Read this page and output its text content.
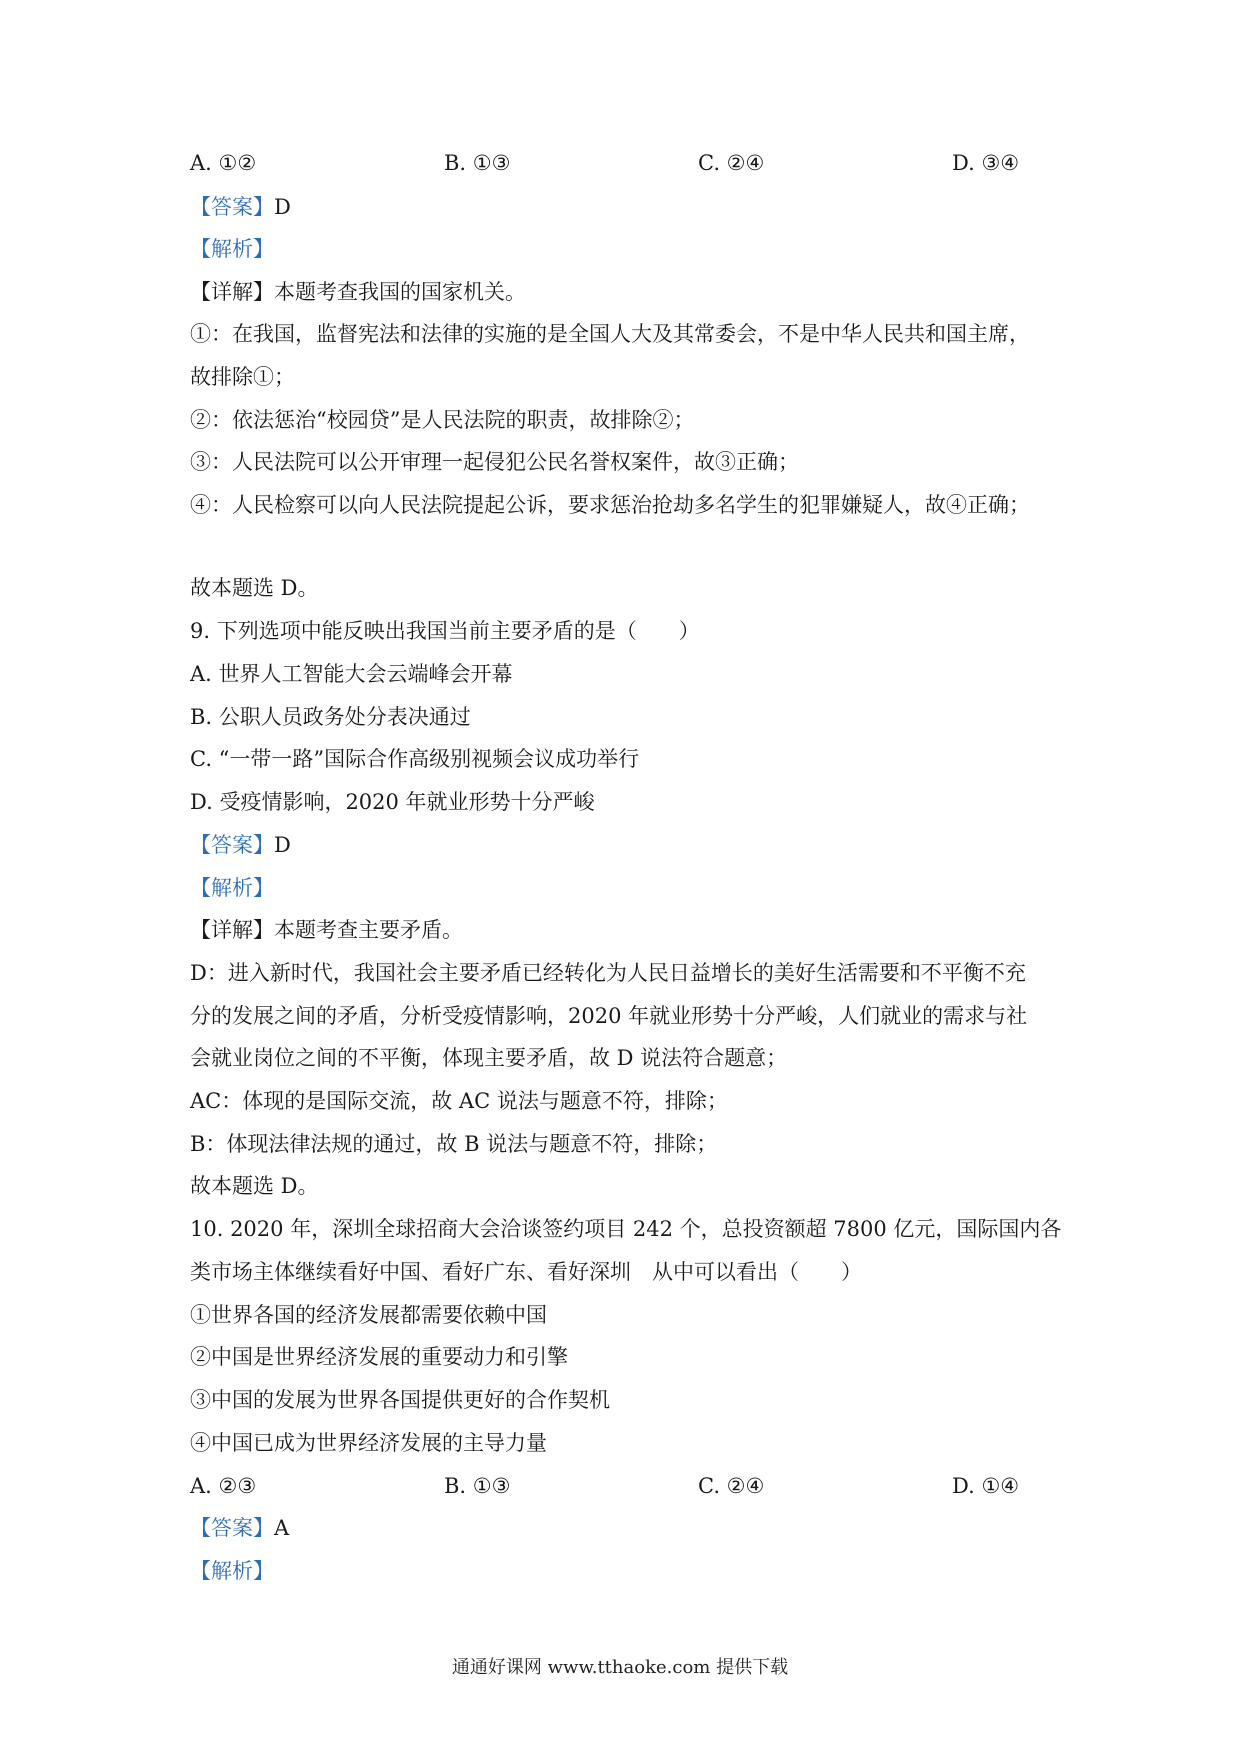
A. ①②	B. ①③	C. ②④	D. ③④
【答案】D
【解析】
【详解】本题考查我国的国家机关。
①：在我国，监督宪法和法律的实施的是全国人大及其常委会，不是中华人民共和国主席，
故排除①；
②：依法惩治“校园贷”是人民法院的职责，故排除②；
③：人民法院可以公开审理一起侵犯公民名誉权案件，故③正确；
④：人民检察可以向人民法院提起公诉，要求惩治抢劫多名学生的犯罪嫌疑人，故④正确；
故本题选 D。
9. 下列选项中能反映出我国当前主要矛盾的是（　　）
A. 世界人工智能大会云端峰会开幕
B. 公职人员政务处分表决通过
C. “一带一路”国际合作高级别视频会议成功举行
D. 受疫情影响，2020 年就业形势十分严峻
【答案】D
【解析】
【详解】本题考查主要矛盾。
D：进入新时代，我国社会主要矛盾已经转化为人民日益增长的美好生活需要和不平衡不充
分的发展之间的矛盾，分析受疫情影响，2020 年就业形势十分严峻，人们就业的需求与社
会就业岗位之间的不平衡，体现主要矛盾，故 D 说法符合题意；
AC：体现的是国际交流，故 AC 说法与题意不符，排除；
B：体现法律法规的通过，故 B 说法与题意不符，排除；
故本题选 D。
10. 2020 年，深圳全球招商大会洽谈签约项目 242 个，总投资额超 7800 亿元，国际国内各
类市场主体继续看好中国、看好广东、看好深圳　从中可以看出（　　）
①世界各国的经济发展都需要依赖中国
②中国是世界经济发展的重要动力和引擎
③中国的发展为世界各国提供更好的合作契机
④中国已成为世界经济发展的主导力量
A. ②③	B. ①③	C. ②④	D. ①④
【答案】A
【解析】
通通好课网 www.tthaoke.com 提供下载
